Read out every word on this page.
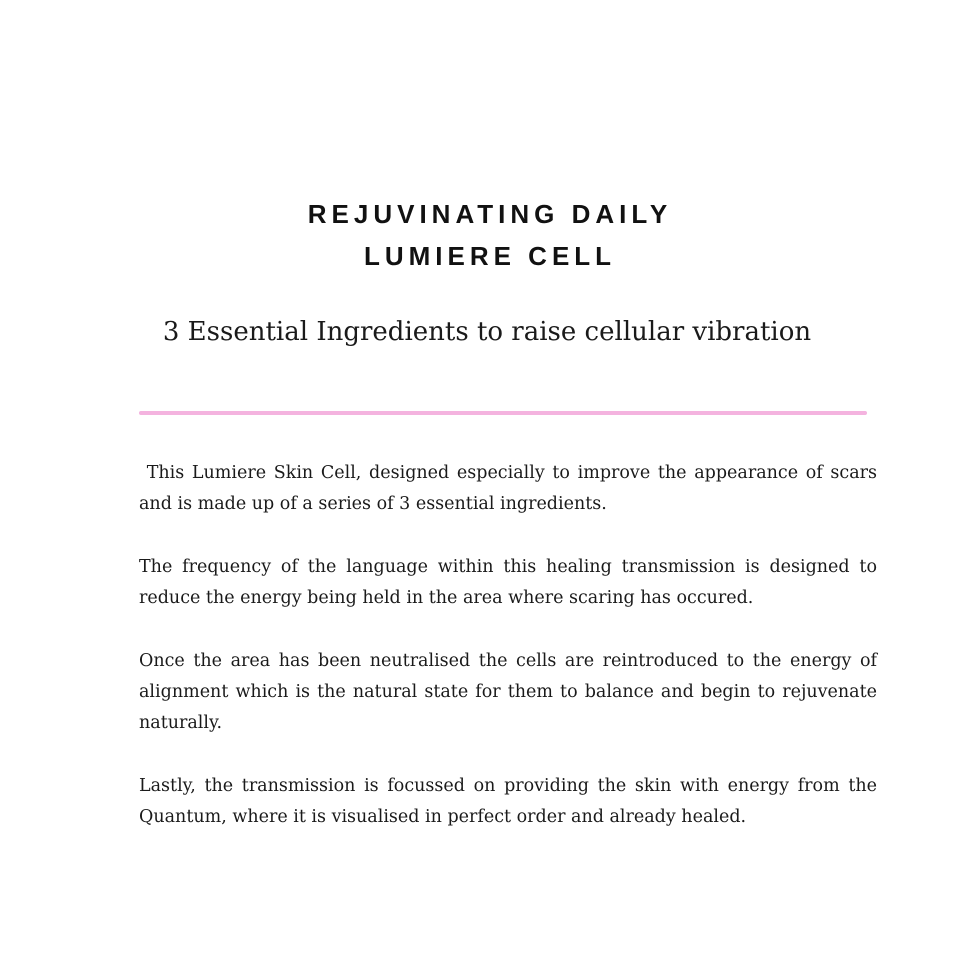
REJUVINATING DAILY
LUMIERE CELL
3 Essential Ingredients to raise cellular vibration

This Lumiere Skin Cell, designed especially to improve the appearance of scars and is made up of a series of 3 essential ingredients.

The frequency of the language within this healing transmission is designed to reduce the energy being held in the area where scaring has occured.

Once the area has been neutralised the cells are reintroduced to the energy of alignment which is the natural state for them to balance and begin to rejuvenate naturally.

Lastly, the transmission is focussed on providing the skin with energy from the Quantum, where it is visualised in perfect order and already healed.
